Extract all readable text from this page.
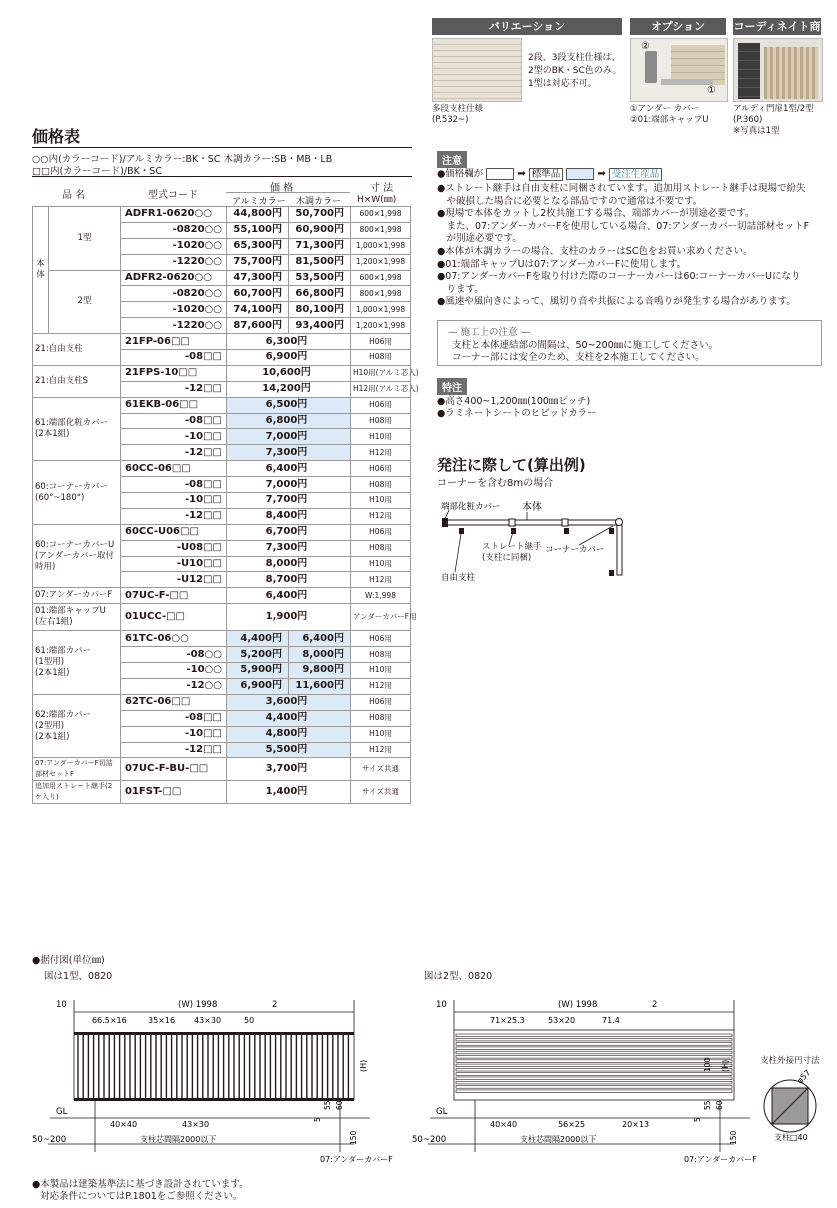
バリエーション
2段、3段支柱仕様は、
2型のBK・SC色のみ。
1型は対応不可。
多段支柱仕様
(P.532~)
オプション
②
①
①アンダー カバー
②01:端部キャップU
コーディネイト商
アルディ門扉1型/2型
(P.360)
※写真は1型
価格表
○○内(カラーコード)/アルミカラー:BK・SC 木調カラー:SB・MB・LB
□□内(カラーコード)/BK・SC
品 名	型式コード
価 格
アルミカラー 木調カラー
寸 法
H×W(㎜)
本
体	1型	ADFR1-0620○○	44,800円	50,700円	600×1,998
		-0820○○	55,100円	60,900円	800×1,998
		-1020○○	65,300円	71,300円	1,000×1,998
		-1220○○	75,700円	81,500円	1,200×1,998
	2型	ADFR2-0620○○	47,300円	53,500円	600×1,998
		-0820○○	60,700円	66,800円	800×1,998
		-1020○○	74,100円	80,100円	1,000×1,998
		-1220○○	87,600円	93,400円	1,200×1,998
21:自由支柱		21FP-06□□	6,300円		H06用
		-08□□	6,900円		H08用
21:自由支柱S		21FPS-10□□	10,600円		H10用(アルミ芯入)
		-12□□	14,200円		H12用(アルミ芯入)
61:端部化粧カバー
(2本1組)		61EKB-06□□	6,500円		H06用
		-08□□	6,800円		H08用
		-10□□	7,000円		H10用
		-12□□	7,300円		H12用
60:コーナーカバー
(60°~180°)		60CC-06□□	6,400円		H06用
		-08□□	7,000円		H08用
		-10□□	7,700円		H10用
		-12□□	8,400円		H12用
60:コーナーカバーU
(アンダーカバー取付時用)		60CC-U06□□	6,700円		H06用
		-U08□□	7,300円		H08用
		-U10□□	8,000円		H10用
		-U12□□	8,700円		H12用
07:アンダーカバーF		07UC-F-□□	6,400円		W:1,998
01:端部キャップU
(左右1組)		01UCC-□□	1,900円		アンダーカバーF用
61:端部カバー
(1型用)
(2本1組)		61TC-06○○	4,400円	6,400円	H06用
		-08○○	5,200円	8,000円	H08用
		-10○○	5,900円	9,800円	H10用
		-12○○	6,900円	11,600円	H12用
62:端部カバー
(2型用)
(2本1組)		62TC-06□□	3,600円		H06用
		-08□□	4,400円		H08用
		-10□□	4,800円		H10用
		-12□□	5,500円		H12用
07:アンダーカバーF切詰部材セットF		07UC-F-BU-□□	3,700円		サイズ共通
追加用ストレート継手(2ケ入り)		01FST-□□	1,400円		サイズ共通
注意
●価格欄が	➡ 標準品	➡ 受注生産品
●ストレート継手は自由支柱に同梱されています。追加用ストレート継手は現場で紛失
　や破損した場合に必要となる部品ですので通常は不要です。
●現場で本体をカットし2枚共施工する場合、端部カバーが別途必要です。
　また、07:アンダーカバーFを使用している場合、07:アンダーカバー切詰部材セットF
　が別途必要です。
●本体が木調カラーの場合、支柱のカラーはSC色をお買い求めください。
●01:端部キャップUは07:アンダーカバーFに使用します。
●07:アンダーカバーFを取り付けた際のコーナーカバーは60:コーナーカバーUになり
　ります。
●風速や風向きによって、風切り音や共振による音鳴りが発生する場合があります。
— 施工上の注意 —
支柱と本体連結部の間隔は、50~200㎜に施工してください。
コーナー部には安全のため、支柱を2本施工してください。
特注
●高さ400~1,200㎜(100㎜ピッチ)
●ラミネートシートのヒビッドカラー
発注に際して(算出例)
コーナーを含む8mの場合
端部化粧カバー 本体
コーナーカバー
自由支柱
ストレート継手
(支柱に同梱)
●据付図(単位㎜)
図は1型、0820	図は2型、0820
10	(W) 1998	2
66.5×16	35×16 43×30	50
40×40	43×30
GL
50~200	支柱芯間隔2000以下
(H)
55 60
5
150
07:アンダーカバーF
10	(W) 1998	2
71×25.3	53×20	71.4
40×40	56×25	20×13
GL
50~200	支柱芯間隔2000以下
100 (H)
55 60
5
150
07:アンダーカバーF
支柱外接円寸法
φ57
支柱□40
●本製品は建築基準法に基づき設計されています。
対応条件についてはP.1801をご参照ください。
